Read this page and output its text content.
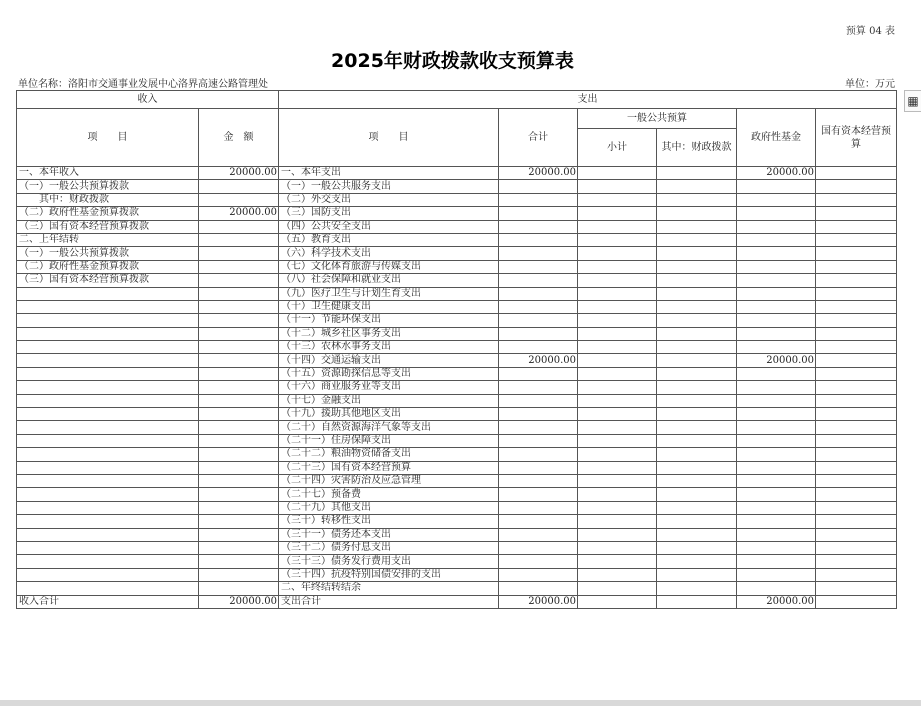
预算 04 表
2025年财政拨款收支预算表
单位名称：洛阳市交通事业发展中心洛界高速公路管理处	单位：万元
收入		支出					
项　　目	金　额	项　　目	合计	一般公共预算		政府性基金	国有资本经营预算
				小计	其中：财政拨款		
一、本年收入	20000.00	一、本年支出	20000.00			20000.00	
（一）一般公共预算拨款		（一）一般公共服务支出					
　　其中：财政拨款		（二）外交支出					
（二）政府性基金预算拨款	20000.00	（三）国防支出					
（三）国有资本经营预算拨款		（四）公共安全支出					
二、上年结转		（五）教育支出					
（一）一般公共预算拨款		（六）科学技术支出					
（二）政府性基金预算拨款		（七）文化体育旅游与传媒支出					
（三）国有资本经营预算拨款		（八）社会保障和就业支出					
		（九）医疗卫生与计划生育支出					
		（十）卫生健康支出					
		（十一）节能环保支出					
		（十二）城乡社区事务支出					
		（十三）农林水事务支出					
		（十四）交通运输支出	20000.00			20000.00	
		（十五）资源勘探信息等支出					
		（十六）商业服务业等支出					
		（十七）金融支出					
		（十九）援助其他地区支出					
		（二十）自然资源海洋气象等支出					
		（二十一）住房保障支出					
		（二十二）粮油物资储备支出					
		（二十三）国有资本经营预算					
		（二十四）灾害防治及应急管理					
		（二十七）预备费					
		（二十九）其他支出					
		（三十）转移性支出					
		（三十一）债务还本支出					
		（三十二）债务付息支出					
		（三十三）债务发行费用支出					
		（三十四）抗疫特别国债安排的支出					
		二、年终结转结余					
收入合计	20000.00	支出合计	20000.00			20000.00	
▦
